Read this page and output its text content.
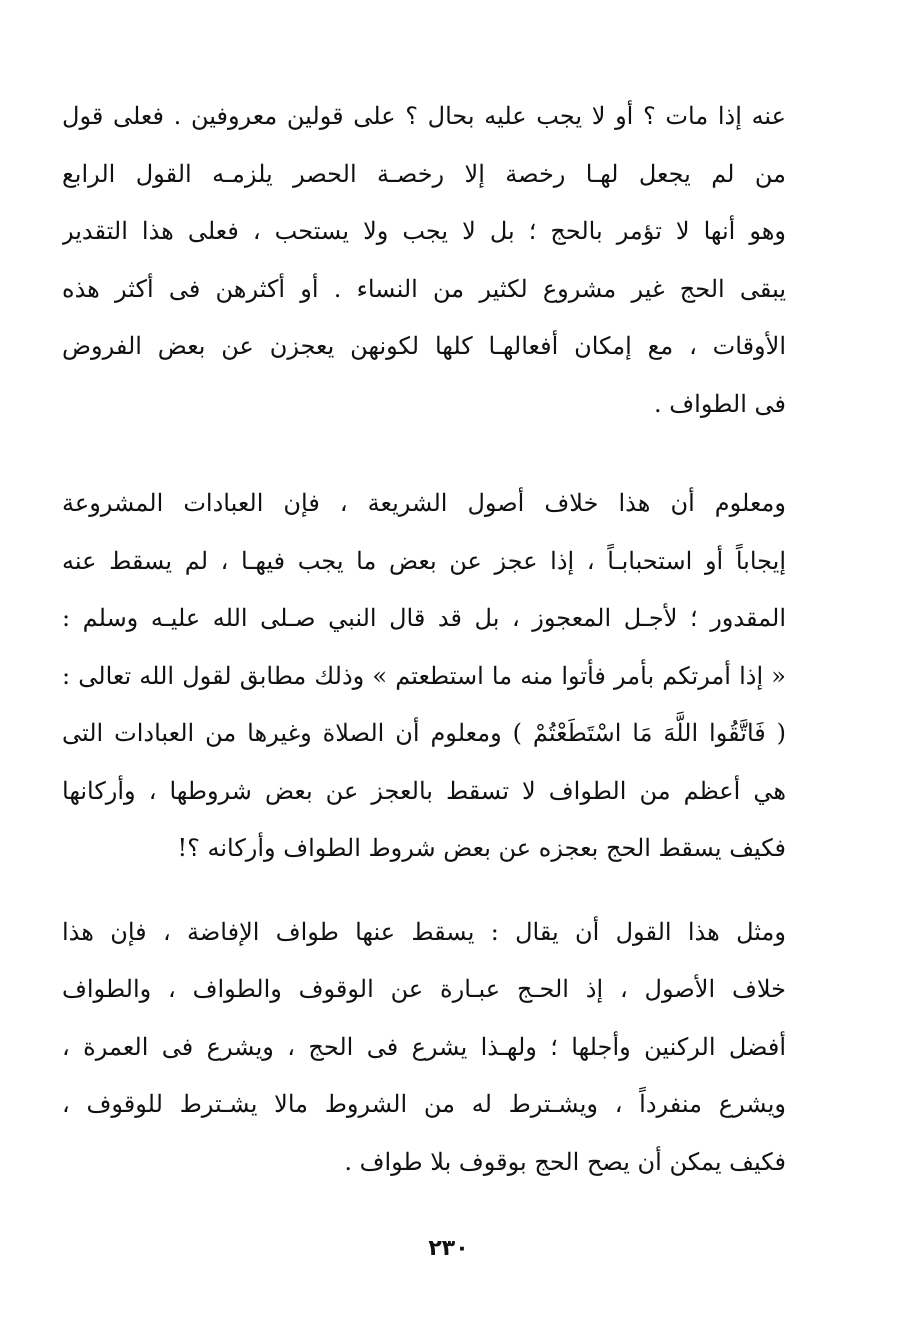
عنه إذا مات ؟ أو لا يجب عليه بحال ؟ على قولين معروفين . فعلى قول
من لم يجعل لهـا رخصة إلا رخصـة الحصر يلزمـه القول الرابع
وهو أنها لا تؤمر بالحج ؛ بل لا يجب ولا يستحب ، فعلى هذا التقدير
يبقى الحج غير مشروع لكثير من النساء . أو أكثرهن فى أكثر هذه
الأوقات ، مع إمكان أفعالهـا كلها لكونهن يعجزن عن بعض الفروض
فى الطواف .
ومعلوم أن هذا خلاف أصول الشريعة ، فإن العبادات المشروعة
إيجاباً أو استحبابـاً ، إذا عجز عن بعض ما يجب فيهـا ، لم يسقط عنه
المقدور ؛ لأجـل المعجوز ، بل قد قال النبي صـلى الله عليـه وسلم :
« إذا أمرتكم بأمر فأتوا منه ما استطعتم » وذلك مطابق لقول الله تعالى :
( فَاتَّقُوا اللَّهَ مَا اسْتَطَعْتُمْ ) ومعلوم أن الصلاة وغيرها من العبادات التى
هي أعظم من الطواف لا تسقط بالعجز عن بعض شروطها ، وأركانها
فكيف يسقط الحج بعجزه عن بعض شروط الطواف وأركانه ؟!
ومثل هذا القول أن يقال : يسقط عنها طواف الإفاضة ، فإن هذا
خلاف الأصول ، إذ الحـج عبـارة عن الوقوف والطواف ، والطواف
أفضل الركنين وأجلها ؛ ولهـذا يشرع فى الحج ، ويشرع فى العمرة ،
ويشرع منفرداً ، ويشـترط له من الشروط مالا يشـترط للوقوف ،
فكيف يمكن أن يصح الحج بوقوف بلا طواف .
٢٣٠
